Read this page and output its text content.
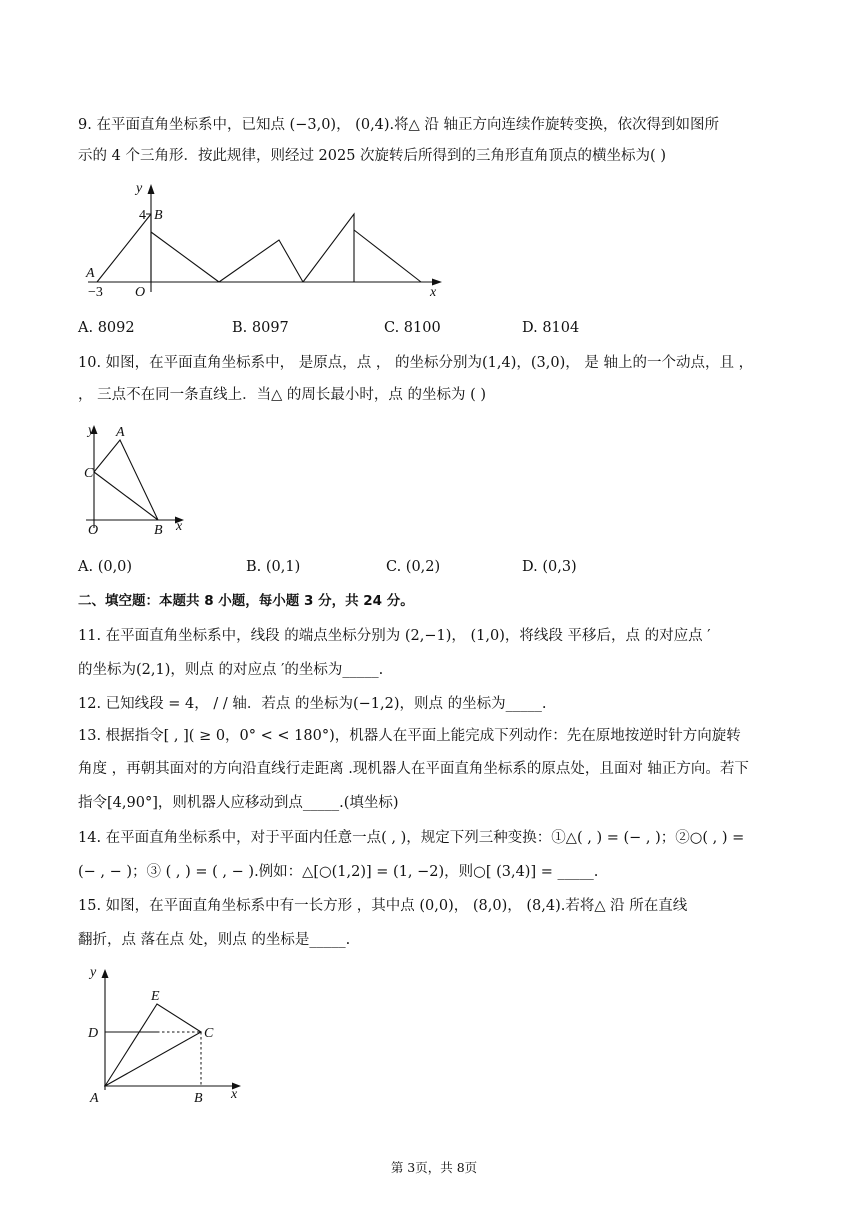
9. 在平面直角坐标系中，已知点 (−3,0)， (0,4).将△ 沿 轴正方向连续作旋转变换，依次得到如图所
示的 4 个三角形．按此规律，则经过 2025 次旋转后所得到的三角形直角顶点的横坐标为( )
y
4 B
A
−3 O	x
A. 8092	B. 8097	C. 8100	D. 8104
10. 如图，在平面直角坐标系中， 是原点，点 ， 的坐标分别为(1,4)，(3,0)， 是 轴上的一个动点，且 ，
， 三点不在同一条直线上．当△ 的周长最小时，点 的坐标为 ( )
y A
C
O	B x
A. (0,0)	B. (0,1)	C. (0,2)	D. (0,3)
二、填空题：本题共 8 小题，每小题 3 分，共 24 分。
11. 在平面直角坐标系中，线段 的端点坐标分别为 (2,−1)， (1,0)，将线段 平移后，点 的对应点 ′
的坐标为(2,1)，则点 的对应点 ′的坐标为_____.
12. 已知线段 = 4， / / 轴．若点 的坐标为(−1,2)，则点 的坐标为_____.
13. 根据指令[ , ]( ≥ 0，0° < < 180°)，机器人在平面上能完成下列动作：先在原地按逆时针方向旋转
角度 ，再朝其面对的方向沿直线行走距离 .现机器人在平面直角坐标系的原点处，且面对 轴正方向。若下
指令[4,90°]，则机器人应移动到点_____.(填坐标)
14. 在平面直角坐标系中，对于平面内任意一点( , )，规定下列三种变换：①△( , ) = (− , )；②○( , ) =
(− , − )；③ ( , ) = ( , − ).例如：△[○(1,2)] = (1, −2)，则○[ (3,4)] = _____.
15. 如图，在平面直角坐标系中有一长方形 ，其中点 (0,0)， (8,0)， (8,4).若将△ 沿 所在直线
翻折，点 落在点 处，则点 的坐标是_____.
y
E
D	C
A	B x
第 3页，共 8页
